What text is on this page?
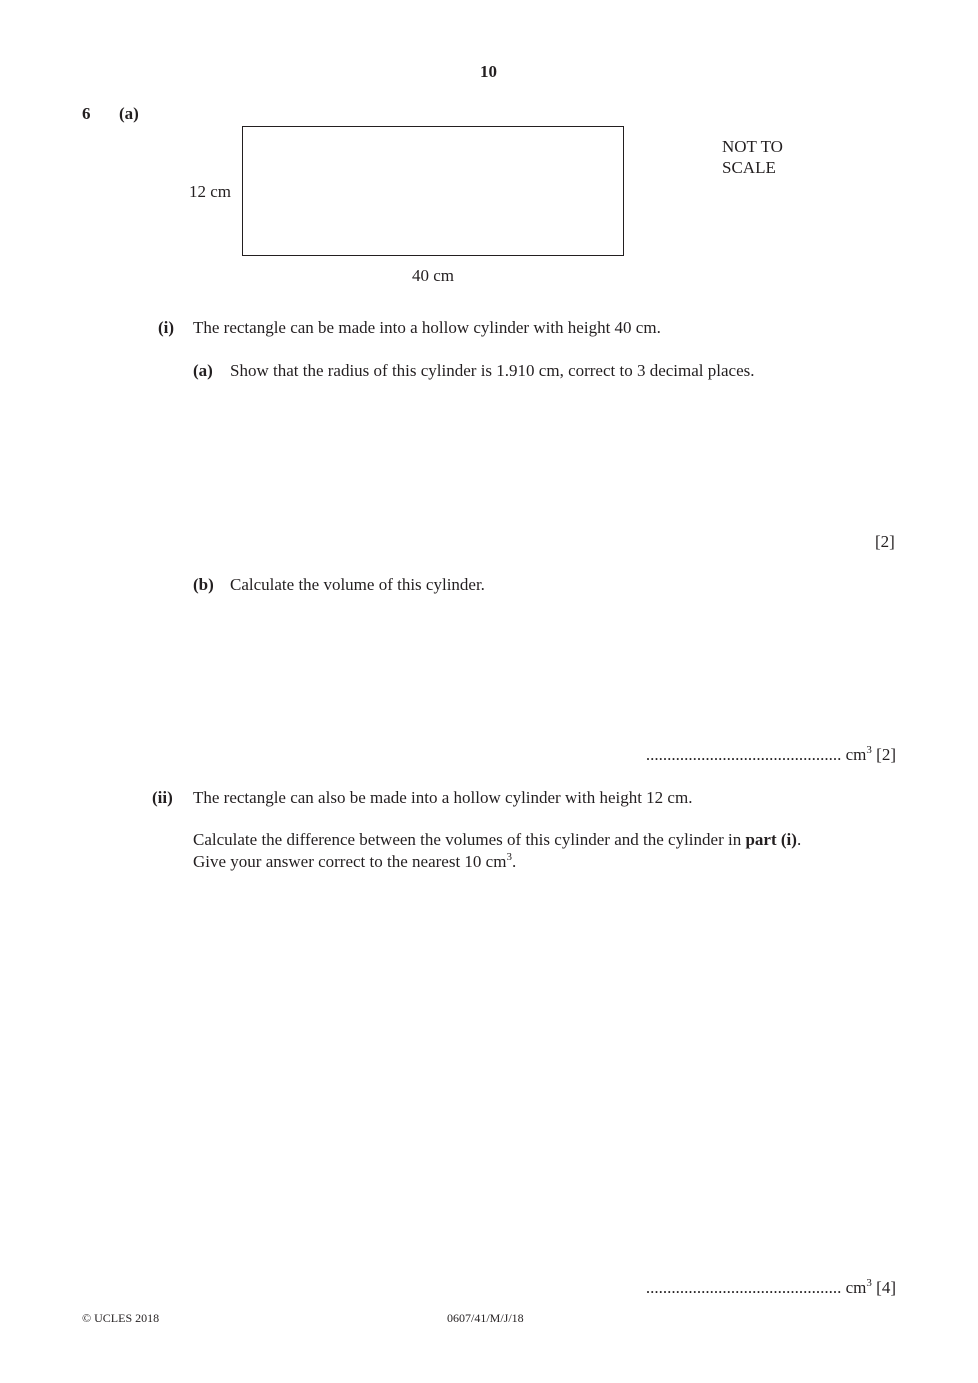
10
6 (a)
12 cm
40 cm
NOT TO
SCALE
(i) The rectangle can be made into a hollow cylinder with height 40 cm.
(a) Show that the radius of this cylinder is 1.910 cm, correct to 3 decimal places.
[2]
(b) Calculate the volume of this cylinder.
.............................................. $cm^3$ [2]
(ii) The rectangle can also be made into a hollow cylinder with height 12 cm.
Calculate the difference between the volumes of this cylinder and the cylinder in part (i).
Give your answer correct to the nearest 10 $cm^3$.
.............................................. $cm^3$ [4]
© UCLES 2018	0607/41/M/J/18
